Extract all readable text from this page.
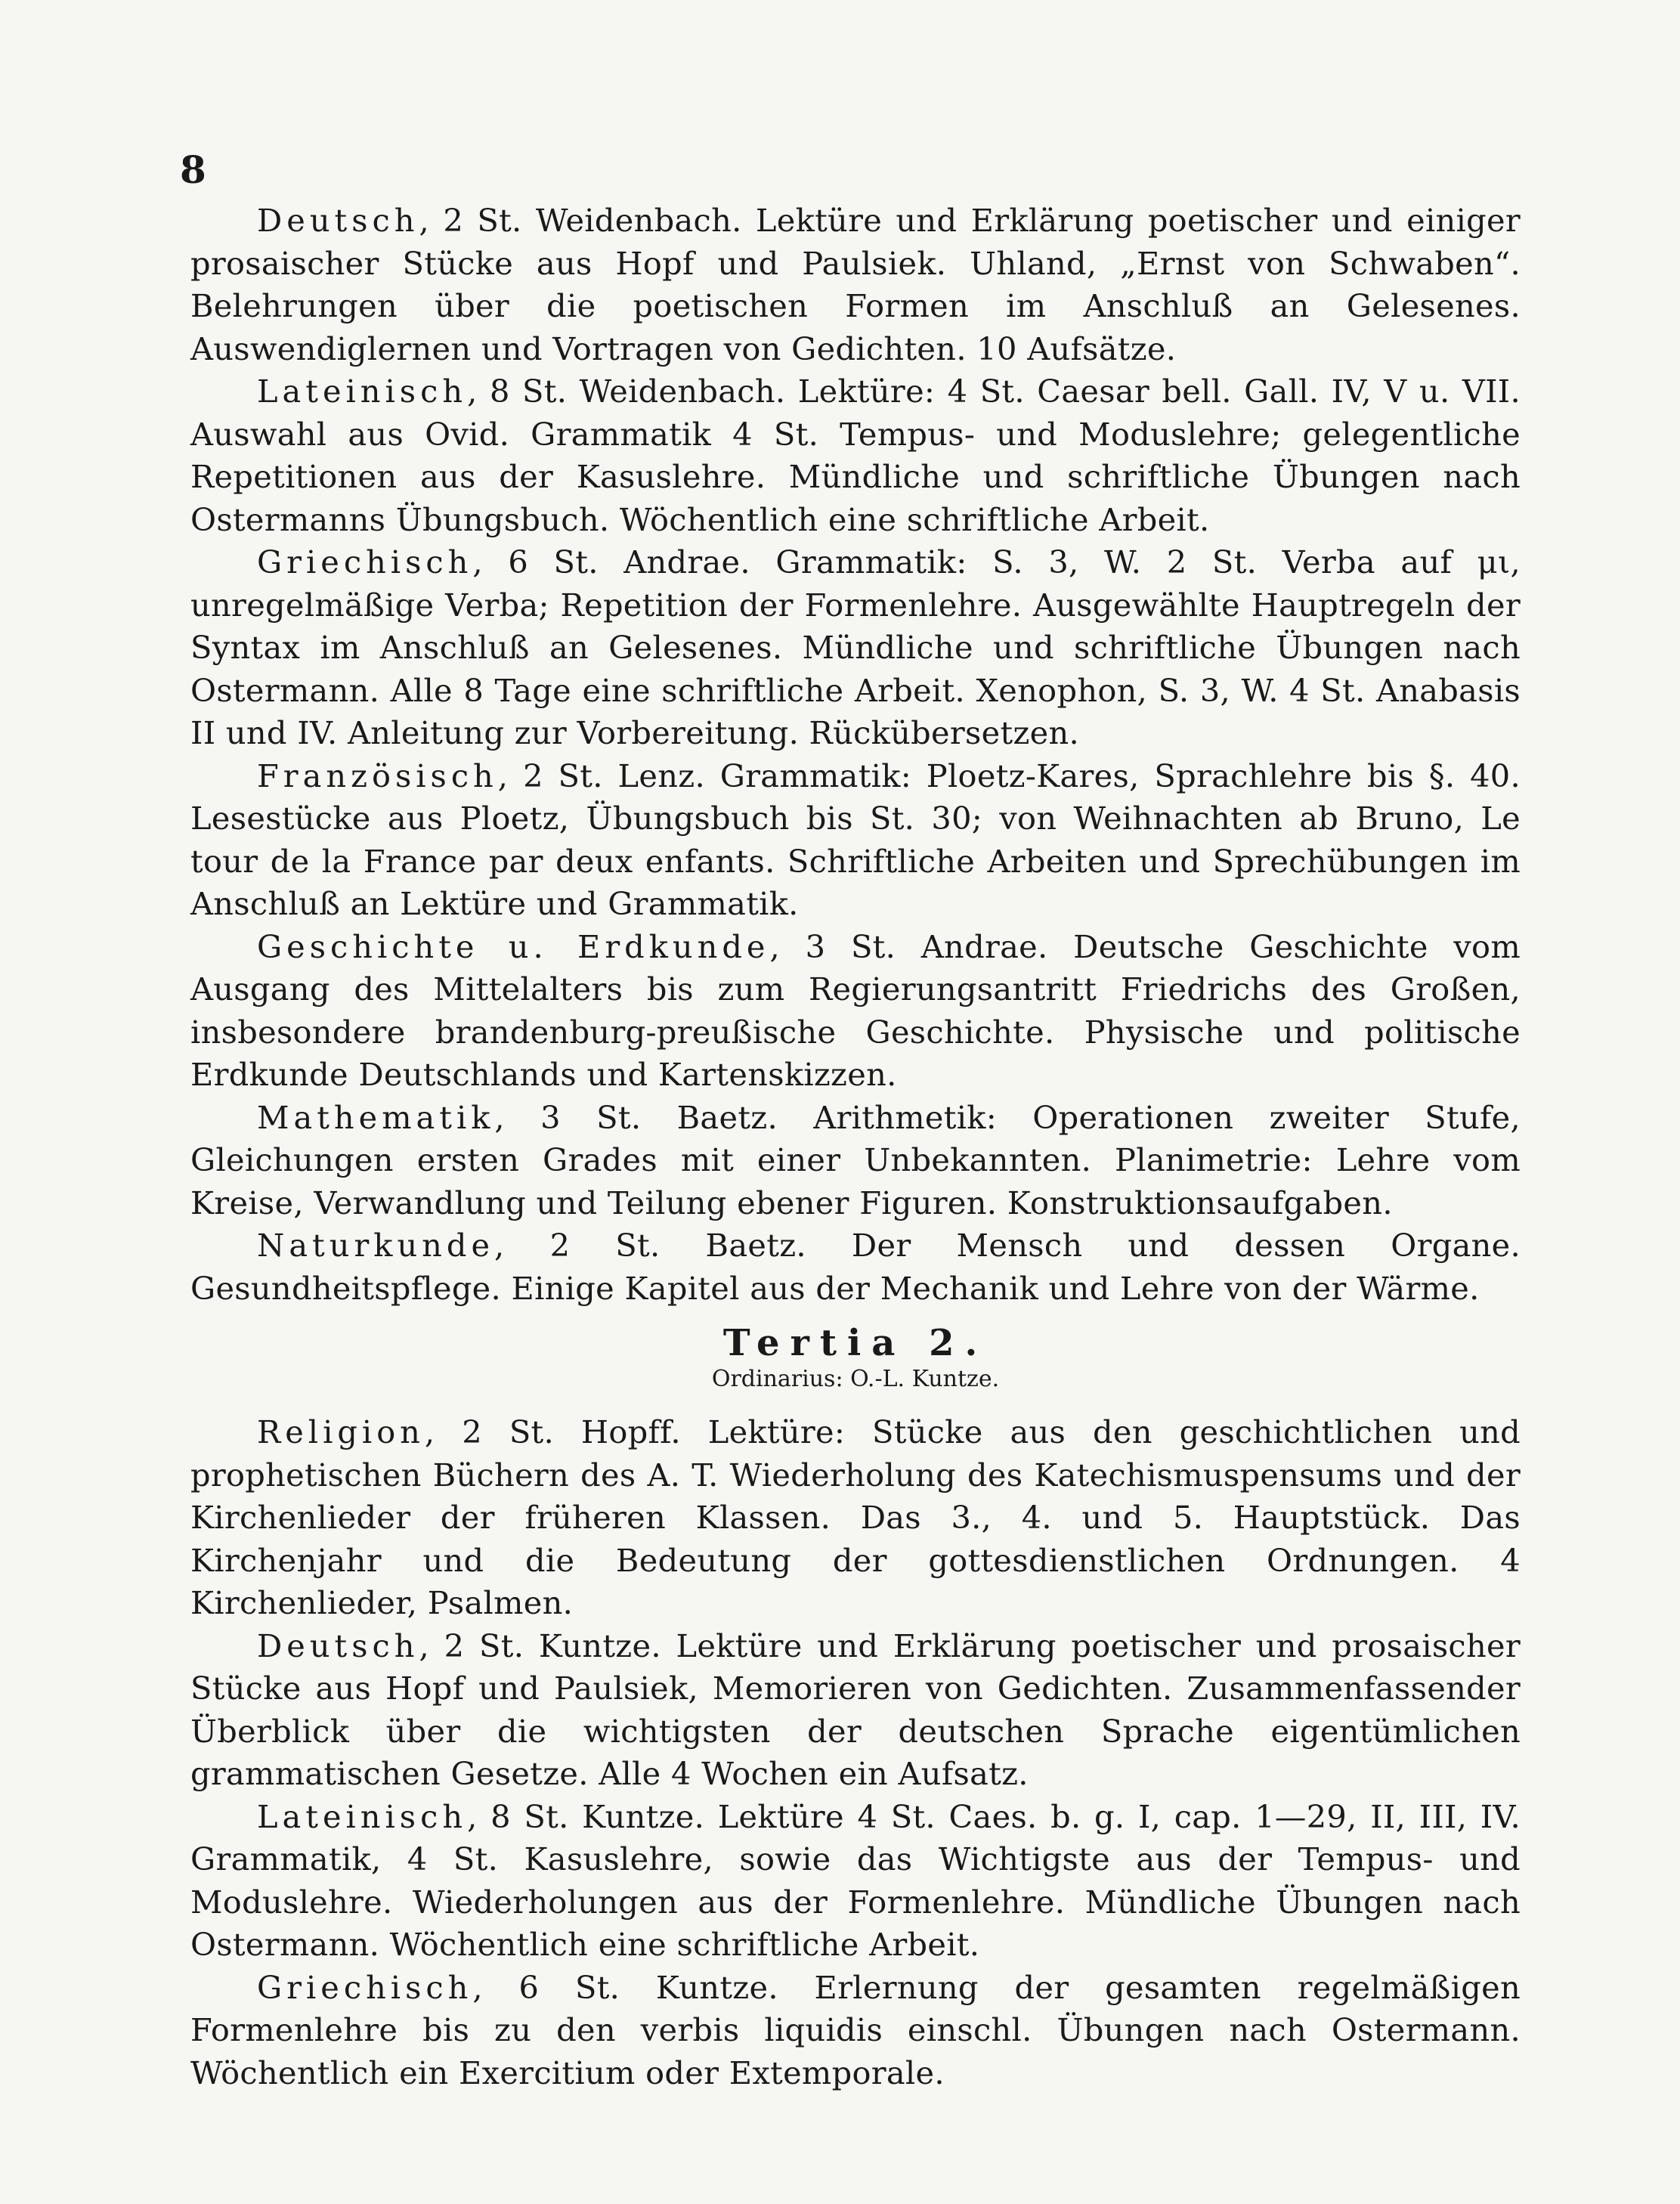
8

Deutsch, 2 St. Weidenbach. Lektüre und Erklärung poetischer und einiger prosaischer Stücke aus Hopf und Paulsiek. Uhland, „Ernst von Schwaben“. Belehrungen über die poetischen Formen im Anschluß an Gelesenes. Auswendiglernen und Vortragen von Gedichten. 10 Aufsätze.

Lateinisch, 8 St. Weidenbach. Lektüre: 4 St. Caesar bell. Gall. IV, V u. VII. Auswahl aus Ovid. Grammatik 4 St. Tempus- und Moduslehre; gelegentliche Repetitionen aus der Kasuslehre. Mündliche und schriftliche Übungen nach Ostermanns Übungsbuch. Wöchentlich eine schriftliche Arbeit.

Griechisch, 6 St. Andrae. Grammatik: S. 3, W. 2 St. Verba auf μι, unregelmäßige Verba; Repetition der Formenlehre. Ausgewählte Hauptregeln der Syntax im Anschluß an Gelesenes. Mündliche und schriftliche Übungen nach Ostermann. Alle 8 Tage eine schriftliche Arbeit. Xenophon, S. 3, W. 4 St. Anabasis II und IV. Anleitung zur Vorbereitung. Rückübersetzen.

Französisch, 2 St. Lenz. Grammatik: Ploetz-Kares, Sprachlehre bis §. 40. Lesestücke aus Ploetz, Übungsbuch bis St. 30; von Weihnachten ab Bruno, Le tour de la France par deux enfants. Schriftliche Arbeiten und Sprechübungen im Anschluß an Lektüre und Grammatik.

Geschichte u. Erdkunde, 3 St. Andrae. Deutsche Geschichte vom Ausgang des Mittelalters bis zum Regierungsantritt Friedrichs des Großen, insbesondere brandenburg-preußische Geschichte. Physische und politische Erdkunde Deutschlands und Kartenskizzen.

Mathematik, 3 St. Baetz. Arithmetik: Operationen zweiter Stufe, Gleichungen ersten Grades mit einer Unbekannten. Planimetrie: Lehre vom Kreise, Verwandlung und Teilung ebener Figuren. Konstruktionsaufgaben.

Naturkunde, 2 St. Baetz. Der Mensch und dessen Organe. Gesundheitspflege. Einige Kapitel aus der Mechanik und Lehre von der Wärme.

Tertia 2.
Ordinarius: O.-L. Kuntze.

Religion, 2 St. Hopff. Lektüre: Stücke aus den geschichtlichen und prophetischen Büchern des A. T. Wiederholung des Katechismuspensums und der Kirchenlieder der früheren Klassen. Das 3., 4. und 5. Hauptstück. Das Kirchenjahr und die Bedeutung der gottesdienstlichen Ordnungen. 4 Kirchenlieder, Psalmen.

Deutsch, 2 St. Kuntze. Lektüre und Erklärung poetischer und prosaischer Stücke aus Hopf und Paulsiek, Memorieren von Gedichten. Zusammenfassender Überblick über die wichtigsten der deutschen Sprache eigentümlichen grammatischen Gesetze. Alle 4 Wochen ein Aufsatz.

Lateinisch, 8 St. Kuntze. Lektüre 4 St. Caes. b. g. I, cap. 1—29, II, III, IV. Grammatik, 4 St. Kasuslehre, sowie das Wichtigste aus der Tempus- und Moduslehre. Wiederholungen aus der Formenlehre. Mündliche Übungen nach Ostermann. Wöchentlich eine schriftliche Arbeit.

Griechisch, 6 St. Kuntze. Erlernung der gesamten regelmäßigen Formenlehre bis zu den verbis liquidis einschl. Übungen nach Ostermann. Wöchentlich ein Exercitium oder Extemporale.
